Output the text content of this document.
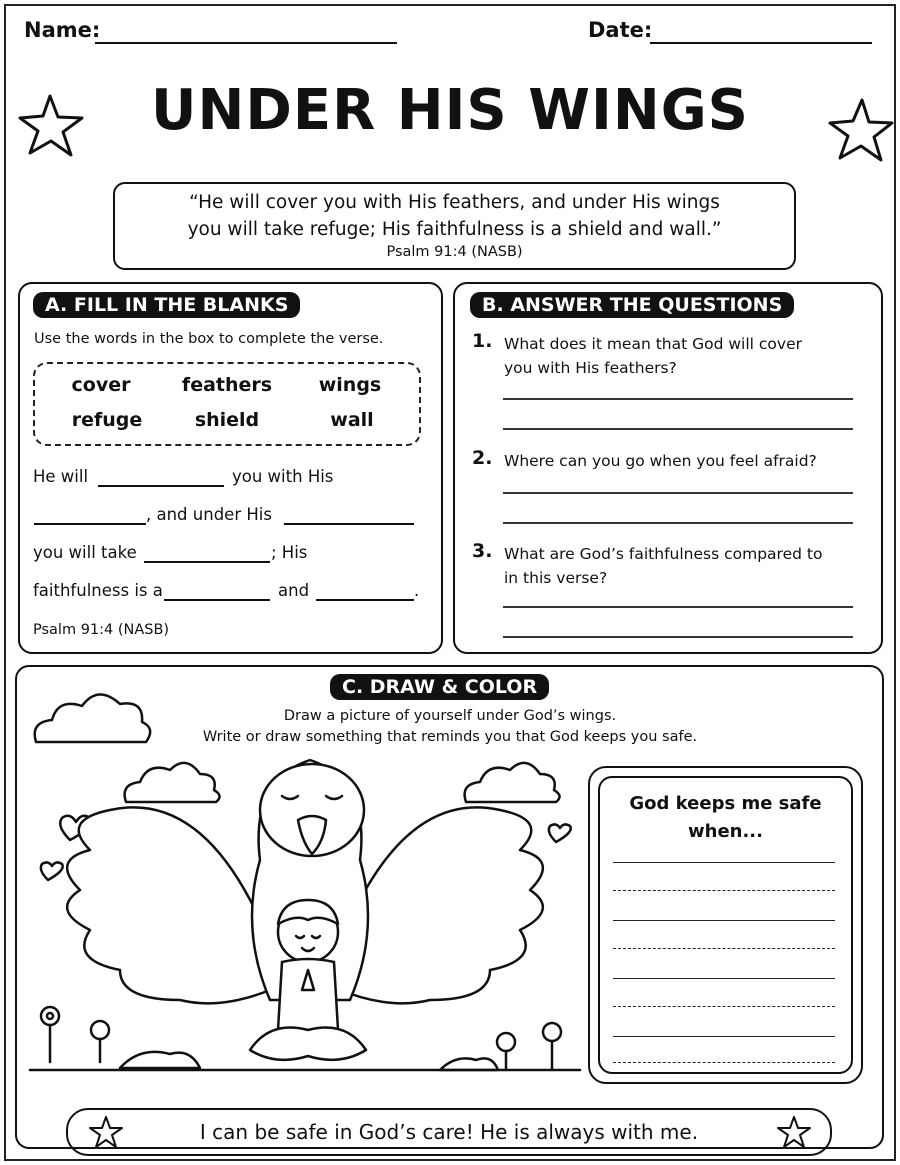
Name:	Date:
UNDER HIS WINGS
“He will cover you with His feathers, and under His wings
you will take refuge; His faithfulness is a shield and wall.”
Psalm 91:4 (NASB)
A. FILL IN THE BLANKS
Use the words in the box to complete the verse.
cover	feathers	wings
refuge	shield	wall
He will	you with His
, and under His
you will take	; His
faithfulness is a	and	.
Psalm 91:4 (NASB)
B. ANSWER THE QUESTIONS
1. What does it mean that God will cover you with His feathers?
2. Where can you go when you feel afraid?
3. What are God’s faithfulness compared to in this verse?
C. DRAW & COLOR
Draw a picture of yourself under God’s wings.
Write or draw something that reminds you that God keeps you safe.
God keeps me safe
when...
I can be safe in God’s care! He is always with me.
